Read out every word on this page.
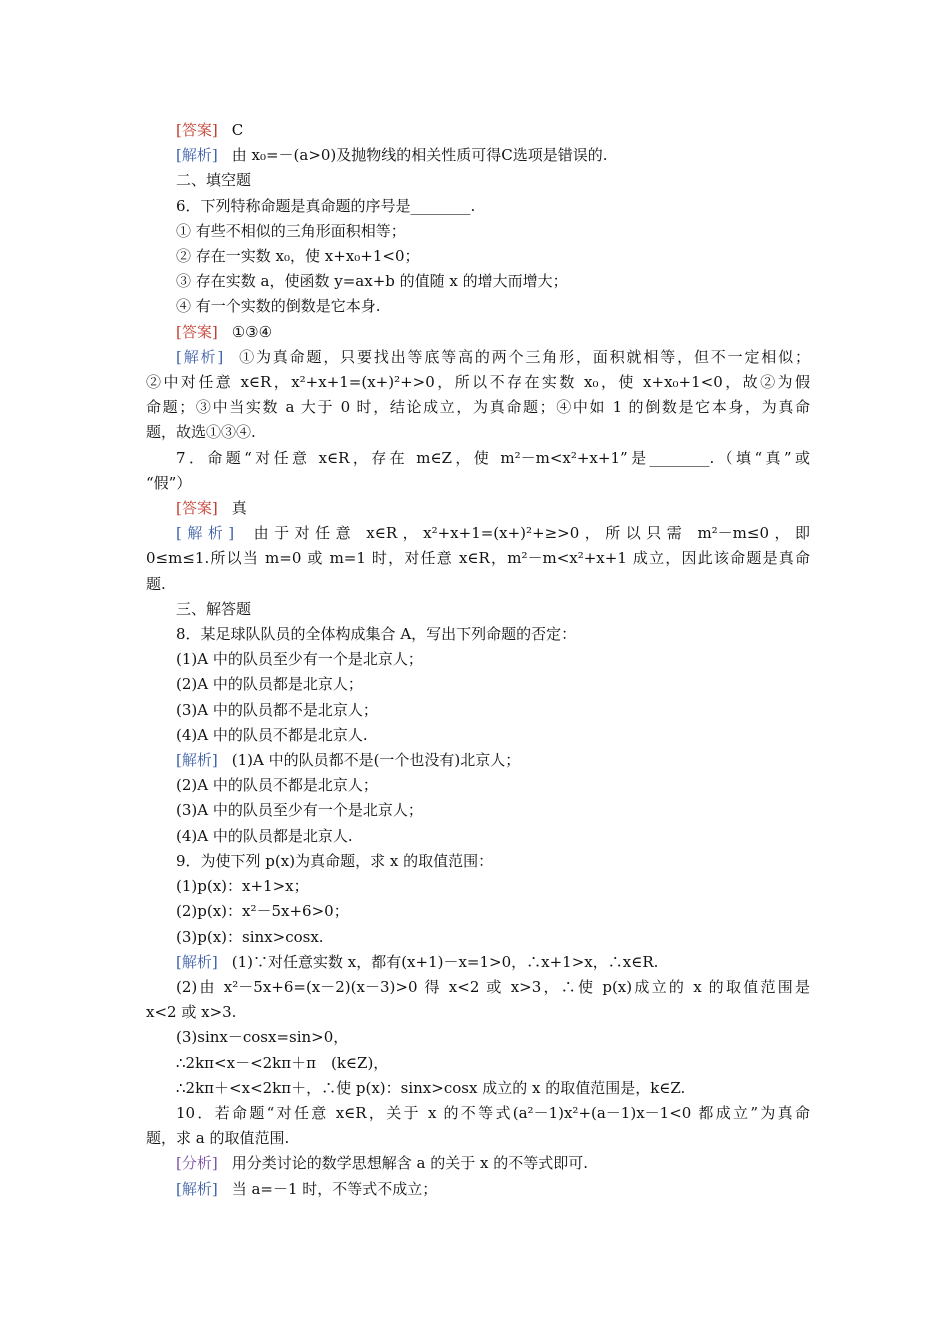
[答案] C
[解析] 由 x₀=－(a>0)及抛物线的相关性质可得C选项是错误的.
二、填空题
6．下列特称命题是真命题的序号是________.
① 有些不相似的三角形面积相等；
② 存在一实数 x₀，使 x+x₀+1<0；
③ 存在实数 a，使函数 y=ax+b 的值随 x 的增大而增大；
④ 有一个实数的倒数是它本身.
[答案] ①③④
[解析] ①为真命题，只要找出等底等高的两个三角形，面积就相等，但不一定相似；
②中对任意 x∈R，x²+x+1=(x+)²+>0，所以不存在实数 x₀，使 x+x₀+1<0，故②为假
命题；③中当实数 a 大于 0 时，结论成立，为真命题；④中如 1 的倒数是它本身，为真命
题，故选①③④.
7．命题“对任意 x∈R，存在 m∈Z，使 m²－m<x²+x+1”是________.（填“真”或
“假”）
[答案] 真
[解析] 由于对任意 x∈R，x²+x+1=(x+)²+≥>0，所以只需 m²－m≤0，即
0≤m≤1.所以当 m=0 或 m=1 时，对任意 x∈R，m²－m<x²+x+1 成立，因此该命题是真命
题.
三、解答题
8．某足球队队员的全体构成集合 A，写出下列命题的否定：
(1)A 中的队员至少有一个是北京人；
(2)A 中的队员都是北京人；
(3)A 中的队员都不是北京人；
(4)A 中的队员不都是北京人.
[解析] (1)A 中的队员都不是(一个也没有)北京人；
(2)A 中的队员不都是北京人；
(3)A 中的队员至少有一个是北京人；
(4)A 中的队员都是北京人.
9．为使下列 p(x)为真命题，求 x 的取值范围：
(1)p(x)：x+1>x；
(2)p(x)：x²－5x+6>0；
(3)p(x)：sinx>cosx.
[解析] (1)∵对任意实数 x，都有(x+1)－x=1>0，∴x+1>x，∴x∈R.
(2)由 x²－5x+6=(x－2)(x－3)>0 得 x<2 或 x>3，∴使 p(x)成立的 x 的取值范围是
x<2 或 x>3.
(3)sinx－cosx=sin>0，
∴2kπ<x－<2kπ＋π　(k∈Z)，
∴2kπ＋<x<2kπ＋，∴使 p(x)：sinx>cosx 成立的 x 的取值范围是，k∈Z.
10．若命题“对任意 x∈R，关于 x 的不等式(a²－1)x²+(a－1)x－1<0 都成立”为真命
题，求 a 的取值范围.
[分析] 用分类讨论的数学思想解含 a 的关于 x 的不等式即可.
[解析] 当 a=－1 时，不等式不成立；
